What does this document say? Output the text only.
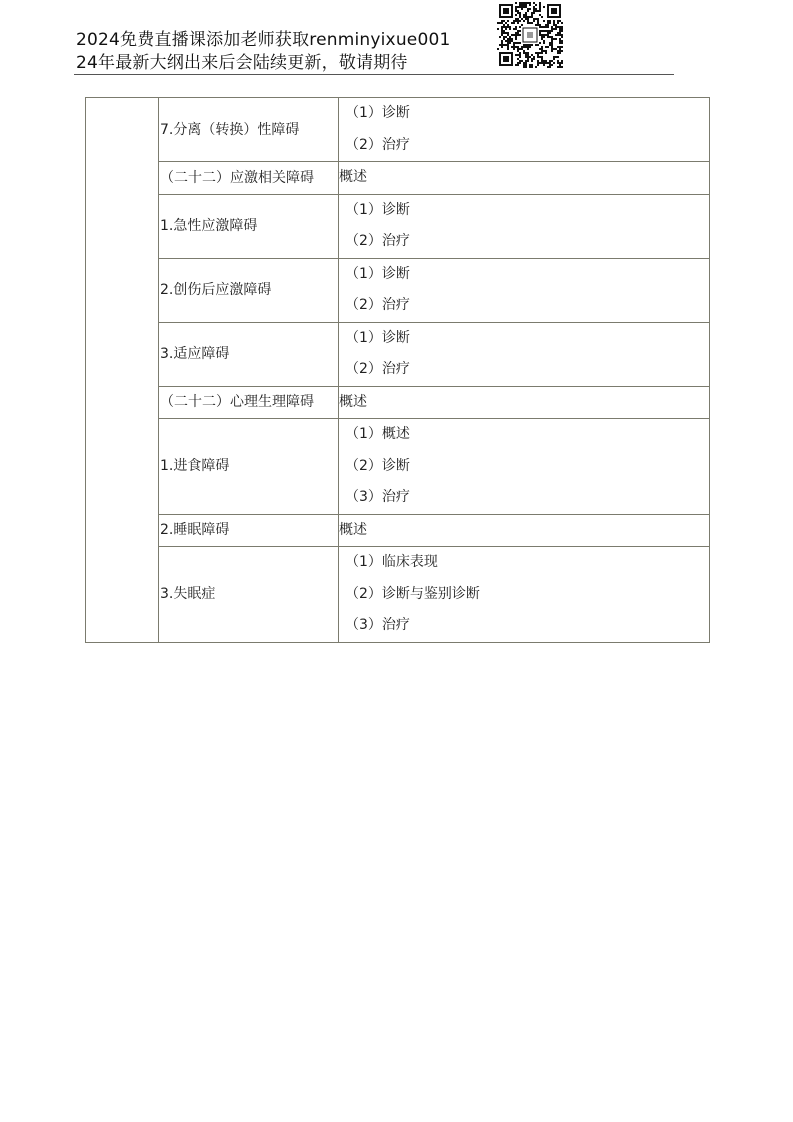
2024免费直播课添加老师获取renminyixue001
24年最新大纲出来后会陆续更新，敬请期待

	7.分离（转换）性障碍	（1）诊断
（2）治疗

	（二十二）应激相关障碍	概述

	1.急性应激障碍	（1）诊断
（2）治疗

	2.创伤后应激障碍	（1）诊断
（2）治疗

	3.适应障碍	（1）诊断
（2）治疗

	（二十二）心理生理障碍	概述

	1.进食障碍	（1）概述
（2）诊断
（3）治疗

	2.睡眠障碍	概述

	3.失眠症	（1）临床表现
（2）诊断与鉴别诊断
（3）治疗
